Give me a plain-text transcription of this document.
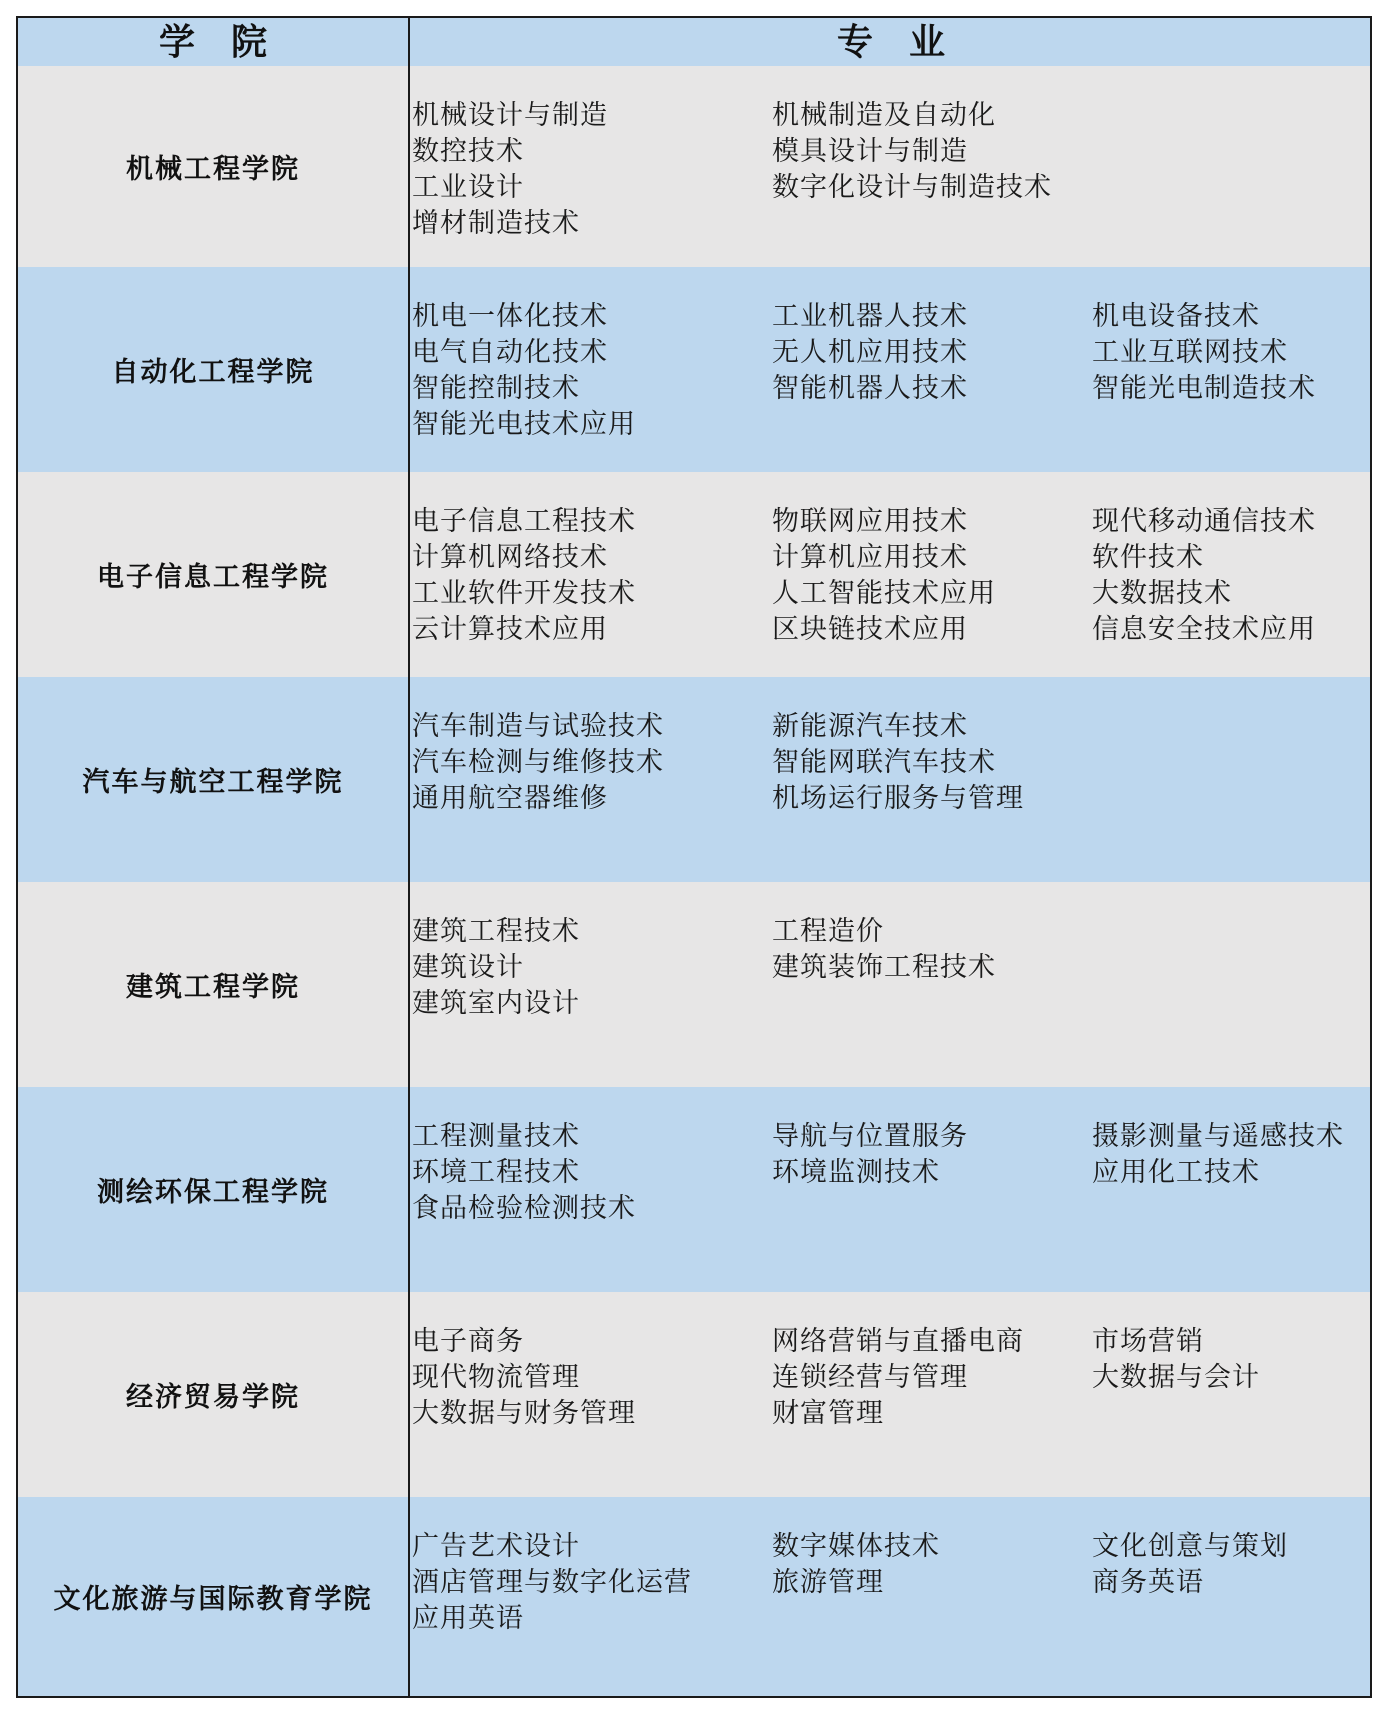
学　院	专　业
机械工程学院
机械设计与制造
数控技术
工业设计
增材制造技术
机械制造及自动化
模具设计与制造
数字化设计与制造技术
自动化工程学院
机电一体化技术
电气自动化技术
智能控制技术
智能光电技术应用
工业机器人技术
无人机应用技术
智能机器人技术
机电设备技术
工业互联网技术
智能光电制造技术
电子信息工程学院
电子信息工程技术
计算机网络技术
工业软件开发技术
云计算技术应用
物联网应用技术
计算机应用技术
人工智能技术应用
区块链技术应用
现代移动通信技术
软件技术
大数据技术
信息安全技术应用
汽车与航空工程学院
汽车制造与试验技术
汽车检测与维修技术
通用航空器维修
新能源汽车技术
智能网联汽车技术
机场运行服务与管理
建筑工程学院
建筑工程技术
建筑设计
建筑室内设计
工程造价
建筑装饰工程技术
测绘环保工程学院
工程测量技术
环境工程技术
食品检验检测技术
导航与位置服务
环境监测技术
摄影测量与遥感技术
应用化工技术
经济贸易学院
电子商务
现代物流管理
大数据与财务管理
网络营销与直播电商
连锁经营与管理
财富管理
市场营销
大数据与会计
文化旅游与国际教育学院
广告艺术设计
酒店管理与数字化运营
应用英语
数字媒体技术
旅游管理
文化创意与策划
商务英语
